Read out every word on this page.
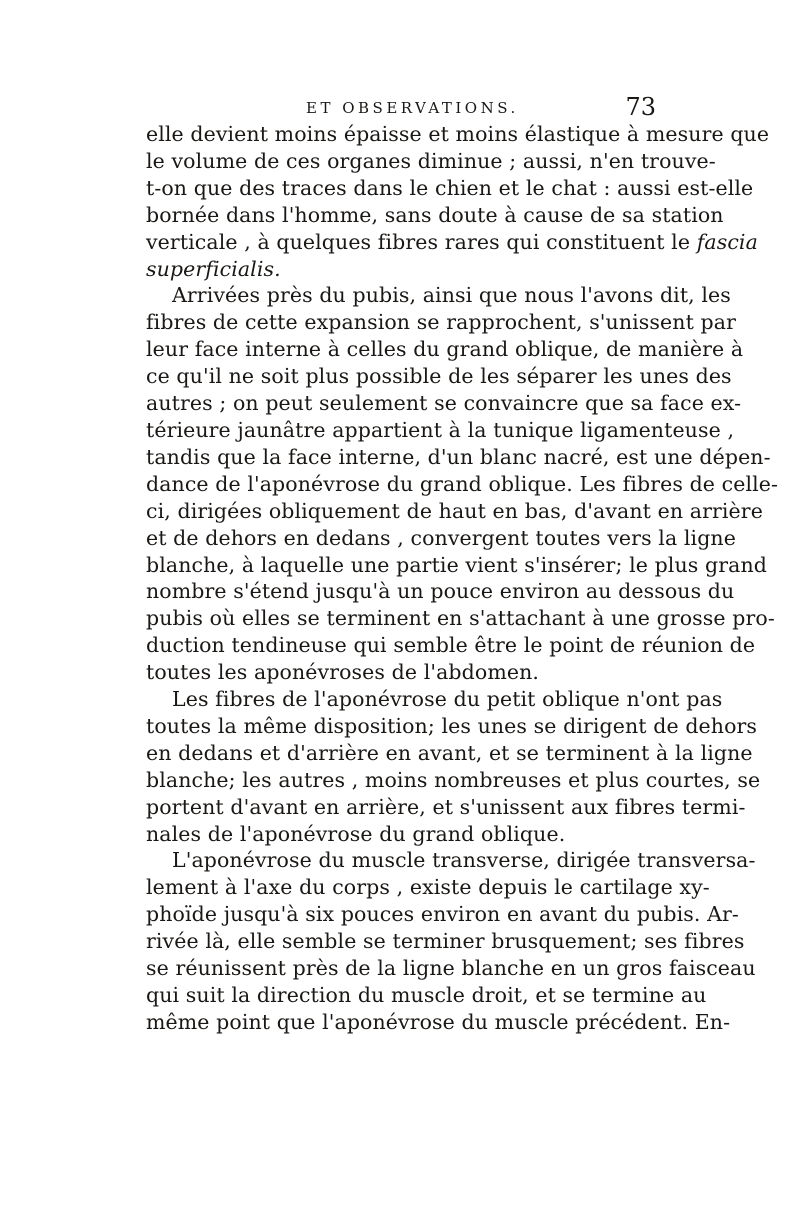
ET OBSERVATIONS.	73
elle devient moins épaisse et moins élastique à mesure que
le volume de ces organes diminue ; aussi, n'en trouve-
t-on que des traces dans le chien et le chat : aussi est-elle
bornée dans l'homme, sans doute à cause de sa station
verticale , à quelques fibres rares qui constituent le fascia
superficialis.
Arrivées près du pubis, ainsi que nous l'avons dit, les
fibres de cette expansion se rapprochent, s'unissent par
leur face interne à celles du grand oblique, de manière à
ce qu'il ne soit plus possible de les séparer les unes des
autres ; on peut seulement se convaincre que sa face ex-
térieure jaunâtre appartient à la tunique ligamenteuse ,
tandis que la face interne, d'un blanc nacré, est une dépen-
dance de l'aponévrose du grand oblique. Les fibres de celle-
ci, dirigées obliquement de haut en bas, d'avant en arrière
et de dehors en dedans , convergent toutes vers la ligne
blanche, à laquelle une partie vient s'insérer; le plus grand
nombre s'étend jusqu'à un pouce environ au dessous du
pubis où elles se terminent en s'attachant à une grosse pro-
duction tendineuse qui semble être le point de réunion de
toutes les aponévroses de l'abdomen.
Les fibres de l'aponévrose du petit oblique n'ont pas
toutes la même disposition; les unes se dirigent de dehors
en dedans et d'arrière en avant, et se terminent à la ligne
blanche; les autres , moins nombreuses et plus courtes, se
portent d'avant en arrière, et s'unissent aux fibres termi-
nales de l'aponévrose du grand oblique.
L'aponévrose du muscle transverse, dirigée transversa-
lement à l'axe du corps , existe depuis le cartilage xy-
phoïde jusqu'à six pouces environ en avant du pubis. Ar-
rivée là, elle semble se terminer brusquement; ses fibres
se réunissent près de la ligne blanche en un gros faisceau
qui suit la direction du muscle droit, et se termine au
même point que l'aponévrose du muscle précédent. En-
